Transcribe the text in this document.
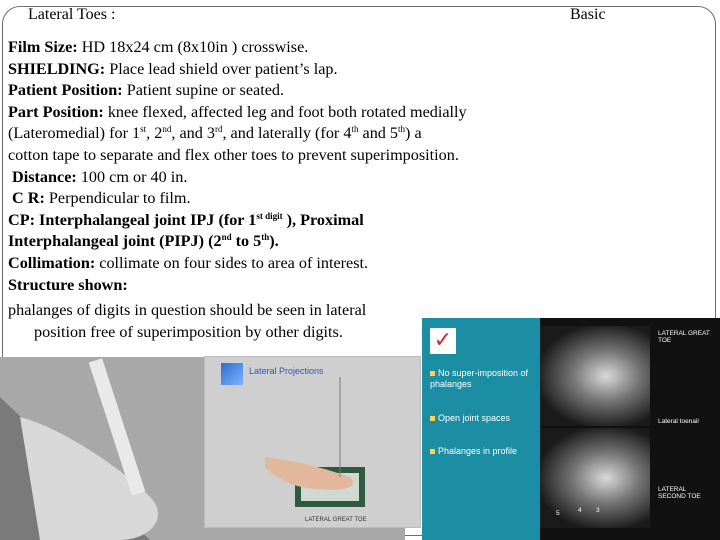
Lateral Toes :	Basic
Film Size: HD 18x24 cm (8x10in ) crosswise.
SHIELDING: Place lead shield over patient’s lap.
Patient Position: Patient supine or seated.
Part Position: knee flexed, affected leg and foot both rotated medially
(Lateromedial) for 1st, 2nd, and 3rd, and laterally (for 4th and 5th) a
cotton tape to separate and flex other toes to prevent superimposition.
Distance: 100 cm or 40 in.
C R: Perpendicular to film.
CP: Interphalangeal joint IPJ (for $1^{st digit}$ ), Proximal
Interphalangeal joint (PIPJ) (2nd to 5th).
Collimation: collimate on four sides to area of interest.
Structure shown:
phalanges of digits in question should be seen in lateral
position free of superimposition by other digits.
Lateral Projections
LATERAL GREAT TOE
✓
No super-imposition of phalanges
Open joint spaces
Phalanges in profile
LATERAL GREAT TOE
Lateral toenail
LATERAL SECOND TOE
5	4	3
